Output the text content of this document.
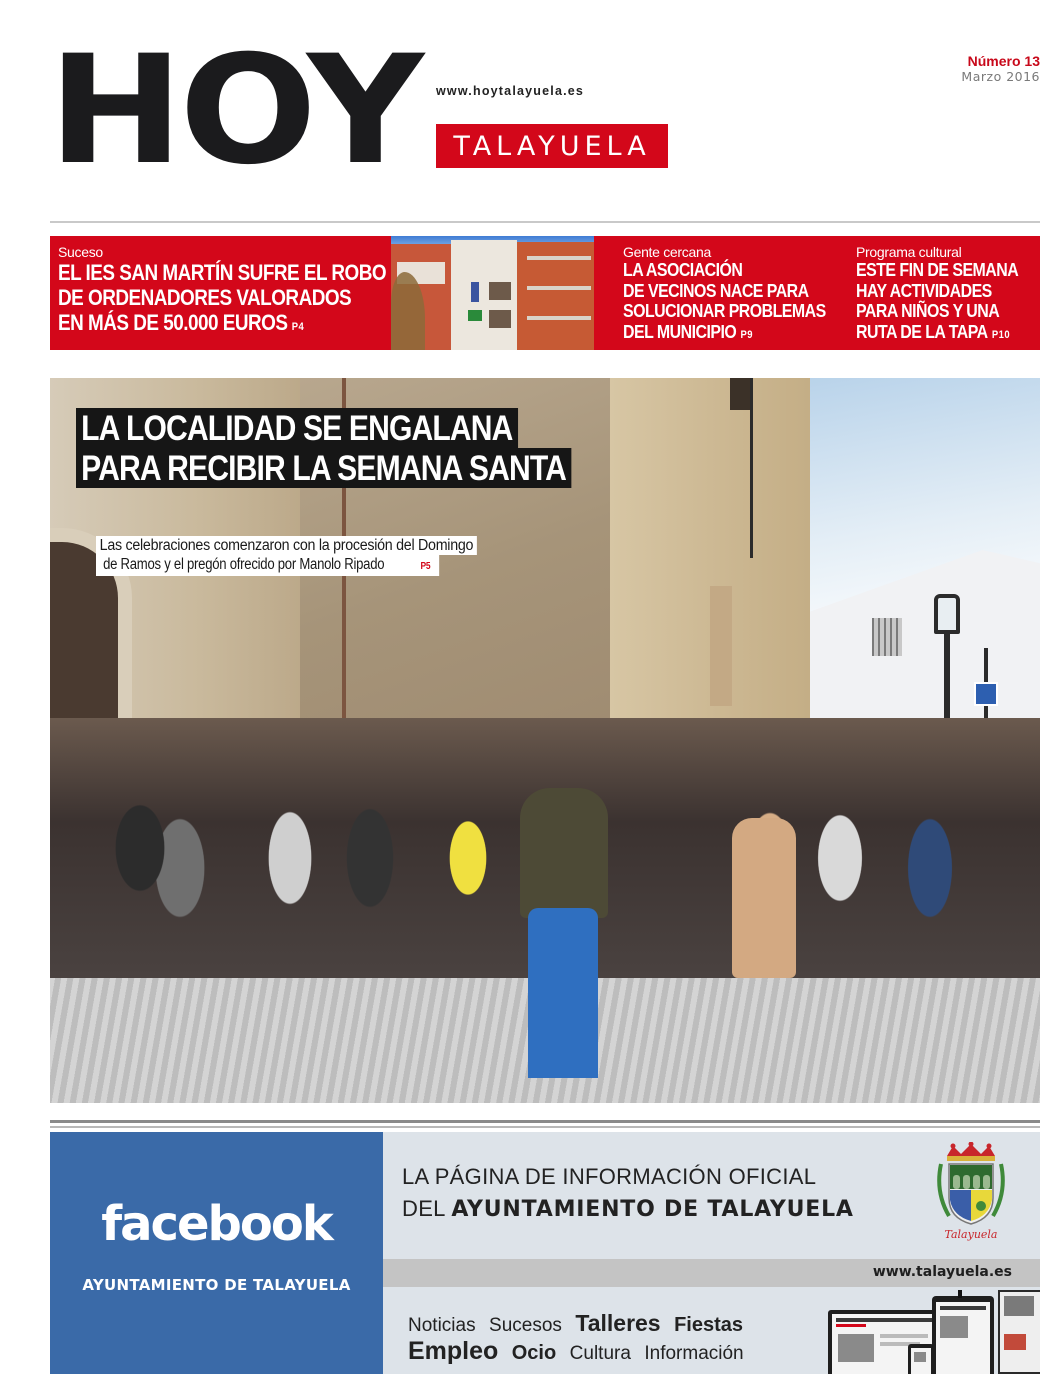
HOY www.hoytalayuela.es
TALAYUELA
Número 13
Marzo 2016
Suceso
EL IES SAN MARTÍN SUFRE EL ROBO
DE ORDENADORES VALORADOS
EN MÁS DE 50.000 EUROS P4
Gente cercana
LA ASOCIACIÓN
DE VECINOS NACE PARA
SOLUCIONAR PROBLEMAS
DEL MUNICIPIO P9
Programa cultural
ESTE FIN DE SEMANA
HAY ACTIVIDADES
PARA NIÑOS Y UNA
RUTA DE LA TAPA P10
LA LOCALIDAD SE ENGALANA
PARA RECIBIR LA SEMANA SANTA
Las celebraciones comenzaron con la procesión del Domingo
de Ramos y el pregón ofrecido por Manolo Ripado	P5
facebook
AYUNTAMIENTO DE TALAYUELA
LA PÁGINA DE INFORMACIÓN OFICIAL
DEL AYUNTAMIENTO DE TALAYUELA
Talayuela
www.talayuela.es
Noticias Sucesos Talleres Fiestas
Empleo Ocio Cultura Información
